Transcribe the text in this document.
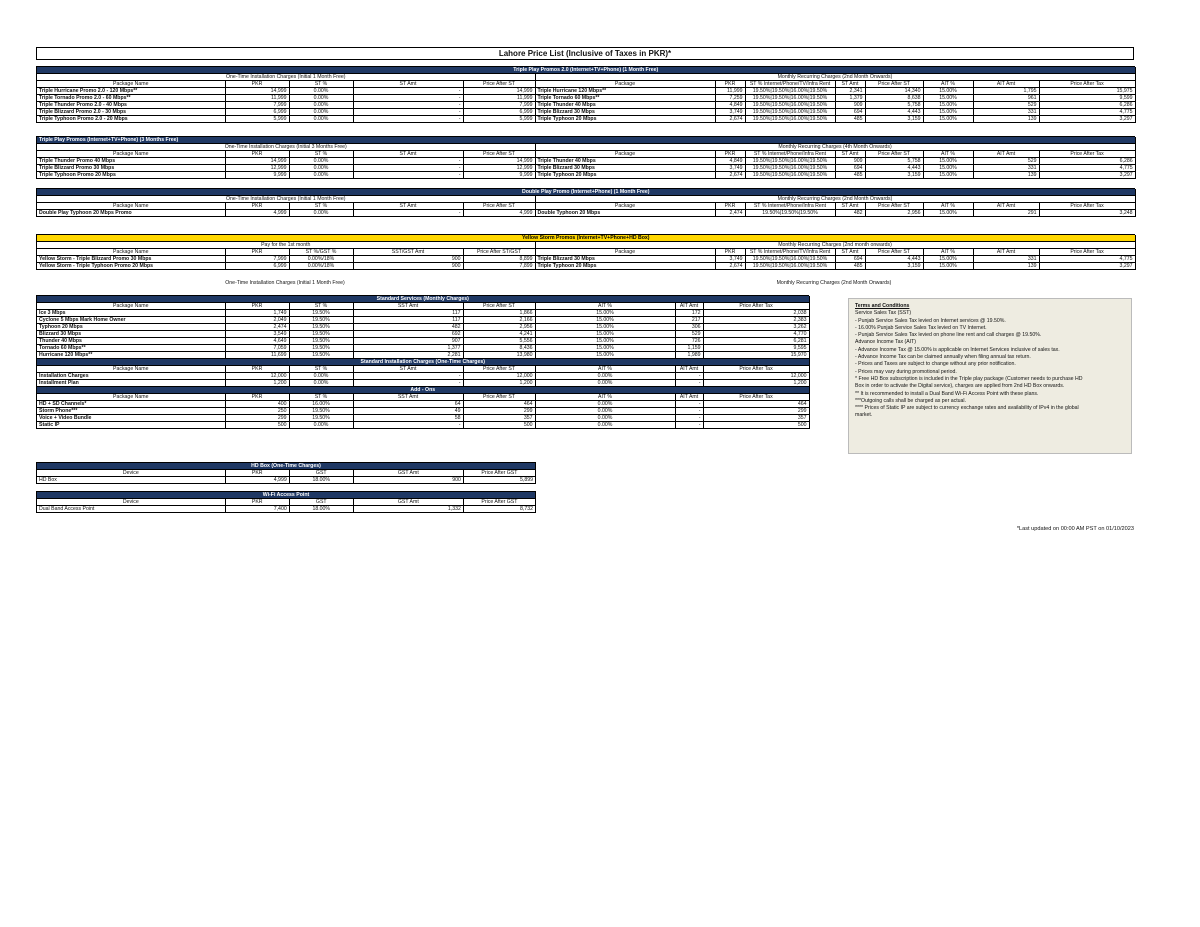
Lahore Price List (Inclusive of Taxes in PKR)*
Triple Play Promos 2.0 (Internet+TV+Phone) (1 Month Free)												
One-Time Installation Charges (Initial 1 Month Free)					Monthly Recurring Charges (2nd Month Onwards)							
Package Name	PKR	ST %	ST Amt	Price After ST	Package	PKR	ST % Internet/Phone/TV/Infra Rent	ST Amt	Price After ST	AIT %	AIT Amt	Price After Tax
Triple Hurricane Promo 2.0 - 120 Mbps**	14,999	0.00%	-	14,999	Triple Hurricane 120 Mbps**	11,999	19.50%|19.50%|16.00%|19.50%	2,341	14,340	15.00%	1,795	15,975
Triple Tornado Promo 2.0 - 60 Mbps**	11,999	0.00%	-	11,999	Triple Tornado 60 Mbps**	7,259	19.50%|19.50%|16.00%|19.50%	1,379	8,638	15.00%	961	9,599
Triple Thunder Promo 2.0 - 40 Mbps	7,999	0.00%	-	7,999	Triple Thunder 40 Mbps	4,849	19.50%|19.50%|16.00%|19.50%	909	5,758	15.00%	529	6,286
Triple Blizzard Promo 2.0 - 30 Mbps	6,999	0.00%	-	6,999	Triple Blizzard 30 Mbps	3,749	19.50%|19.50%|16.00%|19.50%	694	4,443	15.00%	331	4,775
Triple Typhoon Promo 2.0 - 20 Mbps	5,999	0.00%	-	5,999	Triple Typhoon 20 Mbps	2,674	19.50%|19.50%|16.00%|19.50%	485	3,159	15.00%	139	3,297
Triple Play Promos (Internet+TV+Phone) (3 Months Free)												
One-Time Installation Charges (Initial 3 Months Free)					Monthly Recurring Charges (4th Month Onwards)							
Package Name	PKR	ST %	ST Amt	Price After ST	Package	PKR	ST % Internet/Phone/Infra Rent	ST Amt	Price After ST	AIT %	AIT Amt	Price After Tax
Triple Thunder Promo 40 Mbps	14,999	0.00%	-	14,999	Triple Thunder 40 Mbps	4,849	19.50%|19.50%|16.00%|19.50%	909	5,758	15.00%	529	6,286
Triple Blizzard Promo 30 Mbps	12,999	0.00%	-	12,999	Triple Blizzard 30 Mbps	3,749	19.50%|19.50%|16.00%|19.50%	694	4,443	15.00%	331	4,775
Triple Typhoon Promo 20 Mbps	9,999	0.00%	-	9,999	Triple Typhoon 20 Mbps	2,674	19.50%|19.50%|16.00%|19.50%	485	3,159	15.00%	139	3,297
Double Play Promo (Internet+Phone) (1 Month Free)												
One-Time Installation Charges (Initial 1 Month Free)					Monthly Recurring Charges (2nd Month Onwards)							
Package Name	PKR	ST %	ST Amt	Price After ST	Package	PKR	ST % Internet/Phone/Infra Rent	ST Amt	Price After ST	AIT %	AIT Amt	Price After Tax
Double Play Typhoon 20 Mbps Promo	4,999	0.00%	-	4,999	Double Typhoon 20 Mbps	2,474	19.50%|19.50%|19.50%	482	2,956	15.00%	291	3,248
Yellow Storm Promos (Internet+TV+Phone+HD Box)												
Pay for the 1st month					Monthly Recurring Charges (2nd month onwards)							
Package Name	PKR	ST %/GST %	SST/GST Amt	Price After ST/GST	Package	PKR	ST % Internet/Phone/TV/Infra Rent	ST Amt	Price After ST	AIT %	AIT Amt	Price After Tax
Yellow Storm - Triple Blizzard Promo 30 Mbps	7,999	0.00%/18%	900	8,899	Triple Blizzard 30 Mbps	3,749	19.50%|19.50%|16.00%|19.50%	694	4,443	15.00%	331	4,775
Yellow Storm - Triple Typhoon Promo 20 Mbps	6,999	0.00%/18%	900	7,899	Triple Typhoon 20 Mbps	2,674	19.50%|19.50%|16.00%|19.50%	485	3,159	15.00%	139	3,297
One-Time Installation Charges (Initial 1 Month Free)	Monthly Recurring Charges (2nd Month Onwards)
Standard Services (Monthly Charges)							
Package Name	PKR	ST %	SST Amt	Price After ST	AIT %	AIT Amt	Price After Tax
Ice 3 Mbps	1,749	19.50%	117	1,866	15.00%	172	2,038
Cyclone 5 Mbps Mark Home Owner	2,049	19.50%	117	2,166	15.00%	217	2,383
Typhoon 20 Mbps	2,474	19.50%	482	2,956	15.00%	306	3,262
Blizzard 30 Mbps	3,549	19.50%	692	4,241	15.00%	529	4,770
Thunder 40 Mbps	4,649	19.50%	907	5,556	15.00%	726	6,281
Tornado 60 Mbps**	7,059	19.50%	1,377	8,436	15.00%	1,159	9,595
Hurricane 120 Mbps**	11,699	19.50%	2,281	13,980	15.00%	1,989	15,970
Standard Installation Charges (One-Time Charges)							
Package Name	PKR	ST %	ST Amt	Price After ST	AIT %	AIT Amt	Price After Tax
Installation Charges	12,000	0.00%	-	12,000	0.00%	-	12,000
Installment Plan	1,200	0.00%	-	1,200	0.00%	-	1,200
Add - Ons							
Package Name	PKR	ST %	SST Amt	Price After ST	AIT %	AIT Amt	Price After Tax
HD + SD Channels*	400	16.00%	64	464	0.00%	-	464
Storm Phone***	250	19.50%	49	299	0.00%	-	299
Voice + Video Bundle	299	19.50%	58	357	0.00%	-	357
Static IP	500	0.00%	-	500	0.00%	-	500
HD Box (One-Time Charges)				
Device	PKR	GST	GST Amt	Price After GST
HD Box	4,999	18.00%	900	5,899
Wi-Fi Access Point				
Device	PKR	GST	GST Amt	Price After GST
Dual Band Access Point	7,400	18.00%	1,332	8,732
Terms and Conditions
Service Sales Tax (SST)
- Punjab Service Sales Tax levied on Internet services @ 19.50%.
- 16.00% Punjab Service Sales Tax levied on TV Internet.
- Punjab Service Sales Tax levied on phone line rent and call charges @ 19.50%.
Advance Income Tax (AIT)
- Advance Income Tax @ 15.00% is applicable on Internet Services inclusive of sales tax.
- Advance Income Tax can be claimed annually when filing annual tax return.
- Prices and Taxes are subject to change without any prior notification.
- Prices may vary during promotional period.
* Free HD Box subscription is included in the Triple play package (Customer needs to purchase HD
Box in order to activate the Digital service), charges are applied from 2nd HD Box onwards.
** It is recommended to install a Dual Band Wi-Fi Access Point with these plans.
***Outgoing calls shall be charged as per actual.
**** Prices of Static IP are subject to currency exchange rates and availability of IPv4 in the global
market.
*Last updated on 00:00 AM PST on 01/10/2023
